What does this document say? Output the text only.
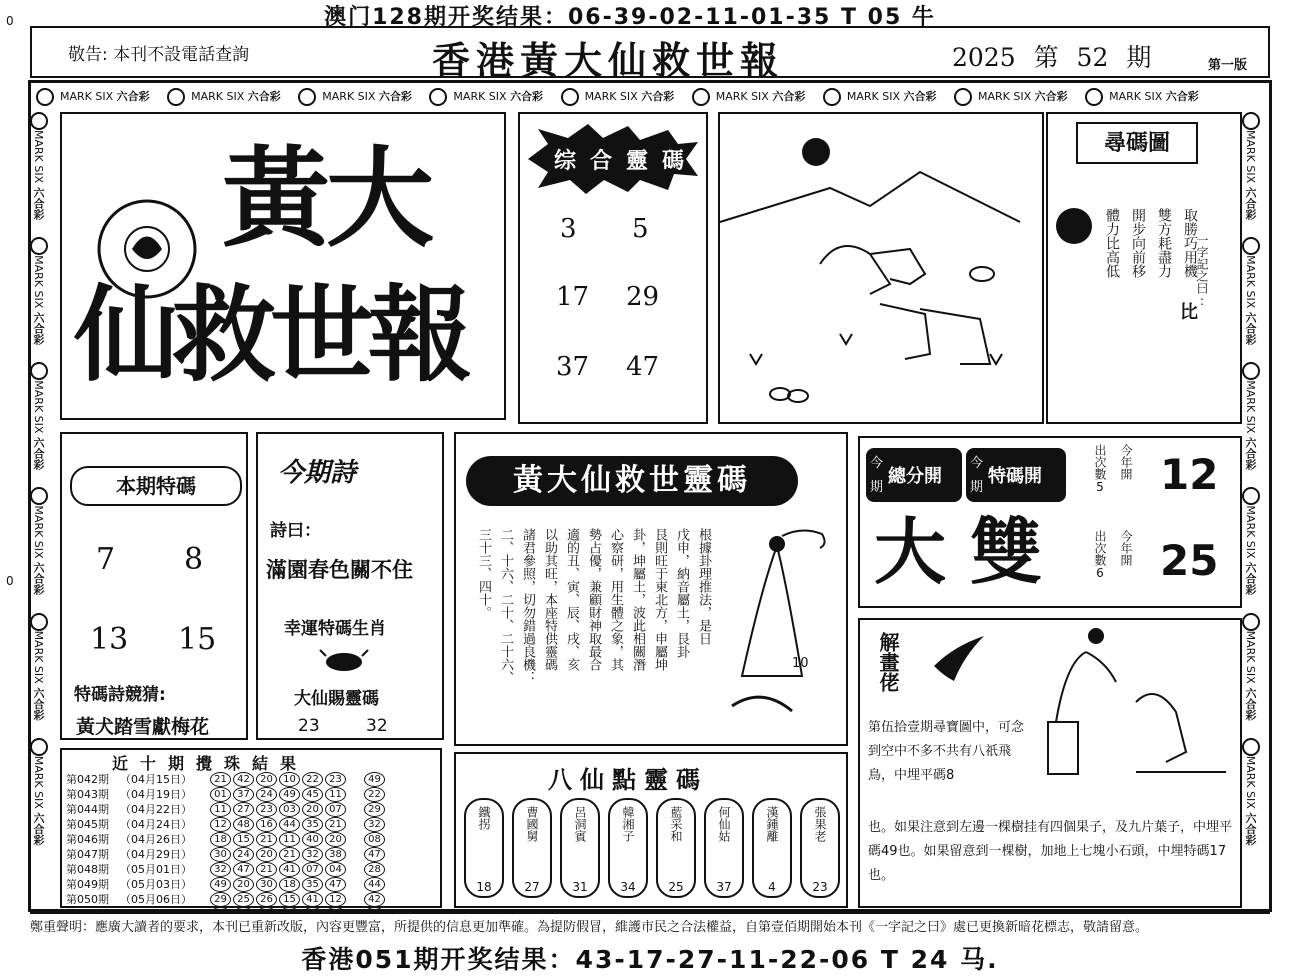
澳门128期开奖结果：06-39-02-11-01-35 T 05 牛
0
0
敬告: 本刊不設電話查詢	香港黃大仙救世報	2025 第 52 期	第一版
MARK SIX 六合彩	MARK SIX 六合彩	MARK SIX 六合彩	MARK SIX 六合彩	MARK SIX 六合彩	MARK SIX 六合彩	MARK SIX 六合彩	MARK SIX 六合彩	MARK SIX 六合彩
MARK SIX 六合彩 MARK SIX 六合彩 MARK SIX 六合彩 MARK SIX 六合彩 MARK SIX 六合彩 MARK SIX 六合彩
MARK SIX 六合彩 MARK SIX 六合彩 MARK SIX 六合彩 MARK SIX 六合彩 MARK SIX 六合彩 MARK SIX 六合彩
黃大
仙救世報
综合靈碼
3 5
17 29
37 47
尋碼圖
體力比高低 開步向前移 雙方耗盡力 取勝巧用機
一字記之曰:
比
本期特碼
7 8
13 15
特碼詩競猜:
黃犬踏雪獻梅花
今期詩
詩曰：
滿園春色關不住
幸運特碼生肖
大仙賜靈碼
23	32
黃大仙救世靈碼
根據卦理推法，是日
戊申，納音屬土，艮卦
艮則旺于東北方，申屬坤
卦，坤屬土，波此相關潛
心察研，用生體之象，其
勢占優，兼顧財神取最合
適的丑、寅、辰、戌、亥
以助其旺，本座特供靈碼
諸君參照，切勿錯過良機：
二、十六、二十、二十六、
三十三、四十。
10
今
期
總分開
今
期
特碼開
大 雙
出次數5 今年開 12
出次數6 今年開 25
解畫佬
第伍拾壹期尋寶圖中，可念到空中不多不共有八祇飛鳥，中埋平碼8
也。如果注意到左邊一棵樹挂有四個果子，及九片葉子，中埋平碼49也。如果留意到一棵樹，加地上七塊小石頭，中埋特碼17也。
近十期攪珠結果
第042期	（04月15日）	21	42	20	10	22	23	49
第043期	（04月19日）	01	37	24	49	45	11	22
第044期	（04月22日）	11	27	23	03	20	07	29
第045期	（04月24日）	12	48	16	44	35	21	32
第046期	（04月26日）	18	15	21	11	40	20	08
第047期	（04月29日）	30	24	20	21	32	38	47
第048期	（05月01日）	32	47	21	41	07	04	28
第049期	（05月03日）	49	20	30	18	35	47	44
第050期	（05月06日）	29	25	26	15	41	12	42
八仙點靈碼
鐵拐
18
曹國舅
27
呂洞賓
31
韓湘子
34
藍采和
25
何仙姑
37
漢鍾離
4
張果老
23
鄭重聲明：應廣大讀者的要求，本刊已重新改版，內容更豐富，所提供的信息更加準確。為提防假冒，維護市民之合法權益，自第壹佰期開始本刊《一字記之曰》處已更換新暗花標志，敬請留意。
香港051期开奖结果：43-17-27-11-22-06 T 24 马.
